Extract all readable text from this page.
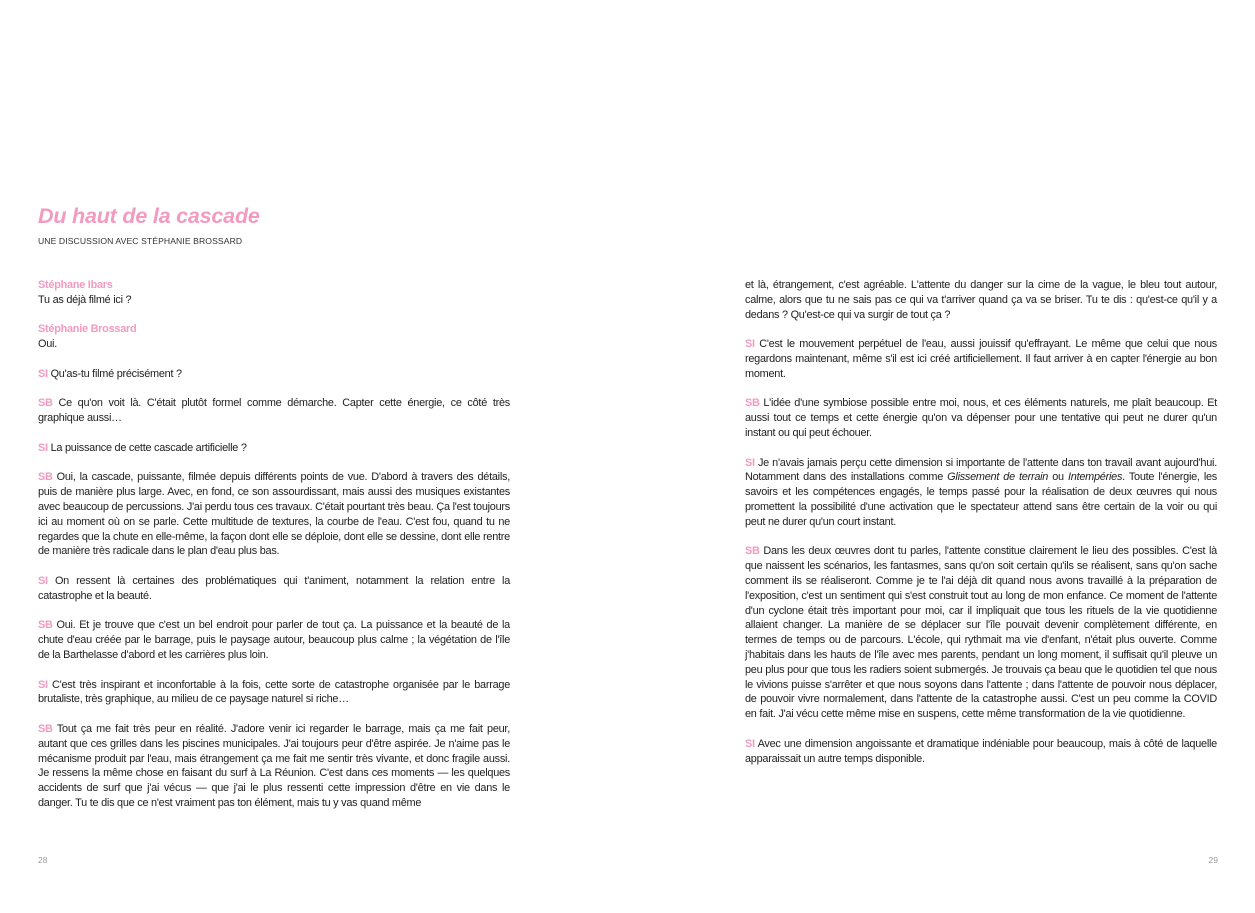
Du haut de la cascade
UNE DISCUSSION AVEC STÉPHANIE BROSSARD

Stéphane Ibars
Tu as déjà filmé ici ?

Stéphanie Brossard
Oui.

SI Qu'as-tu filmé précisément ?

SB Ce qu'on voit là. C'était plutôt formel comme démarche. Capter cette énergie, ce côté très graphique aussi…

SI La puissance de cette cascade artificielle ?

SB Oui, la cascade, puissante, filmée depuis différents points de vue. D'abord à travers des détails, puis de manière plus large. Avec, en fond, ce son assourdissant, mais aussi des musiques existantes avec beaucoup de percussions. J'ai perdu tous ces travaux. C'était pourtant très beau. Ça l'est toujours ici au moment où on se parle. Cette multitude de textures, la courbe de l'eau. C'est fou, quand tu ne regardes que la chute en elle-même, la façon dont elle se déploie, dont elle se dessine, dont elle rentre de manière très radicale dans le plan d'eau plus bas.

SI On ressent là certaines des problématiques qui t'animent, notamment la relation entre la catastrophe et la beauté.

SB Oui. Et je trouve que c'est un bel endroit pour parler de tout ça. La puissance et la beauté de la chute d'eau créée par le barrage, puis le paysage autour, beaucoup plus calme ; la végétation de l'île de la Barthelasse d'abord et les carrières plus loin.

SI C'est très inspirant et inconfortable à la fois, cette sorte de catastrophe organisée par le barrage brutaliste, très graphique, au milieu de ce paysage naturel si riche…

SB Tout ça me fait très peur en réalité. J'adore venir ici regarder le barrage, mais ça me fait peur, autant que ces grilles dans les piscines municipales. J'ai toujours peur d'être aspirée. Je n'aime pas le mécanisme produit par l'eau, mais étrangement ça me fait me sentir très vivante, et donc fragile aussi. Je ressens la même chose en faisant du surf à La Réunion. C'est dans ces moments — les quelques accidents de surf que j'ai vécus — que j'ai le plus ressenti cette impression d'être en vie dans le danger. Tu te dis que ce n'est vraiment pas ton élément, mais tu y vas quand même

28

et là, étrangement, c'est agréable. L'attente du danger sur la cime de la vague, le bleu tout autour, calme, alors que tu ne sais pas ce qui va t'arriver quand ça va se briser. Tu te dis : qu'est-ce qu'il y a dedans ? Qu'est-ce qui va surgir de tout ça ?

SI C'est le mouvement perpétuel de l'eau, aussi jouissif qu'effrayant. Le même que celui que nous regardons maintenant, même s'il est ici créé artificiellement. Il faut arriver à en capter l'énergie au bon moment.

SB L'idée d'une symbiose possible entre moi, nous, et ces éléments naturels, me plaît beaucoup. Et aussi tout ce temps et cette énergie qu'on va dépenser pour une tentative qui peut ne durer qu'un instant ou qui peut échouer.

SI Je n'avais jamais perçu cette dimension si importante de l'attente dans ton travail avant aujourd'hui. Notamment dans des installations comme Glissement de terrain ou Intempéries. Toute l'énergie, les savoirs et les compétences engagés, le temps passé pour la réalisation de deux œuvres qui nous promettent la possibilité d'une activation que le spectateur attend sans être certain de la voir ou qui peut ne durer qu'un court instant.

SB Dans les deux œuvres dont tu parles, l'attente constitue clairement le lieu des possibles. C'est là que naissent les scénarios, les fantasmes, sans qu'on soit certain qu'ils se réalisent, sans qu'on sache comment ils se réaliseront. Comme je te l'ai déjà dit quand nous avons travaillé à la préparation de l'exposition, c'est un sentiment qui s'est construit tout au long de mon enfance. Ce moment de l'attente d'un cyclone était très important pour moi, car il impliquait que tous les rituels de la vie quotidienne allaient changer. La manière de se déplacer sur l'île pouvait devenir complètement différente, en termes de temps ou de parcours. L'école, qui rythmait ma vie d'enfant, n'était plus ouverte. Comme j'habitais dans les hauts de l'île avec mes parents, pendant un long moment, il suffisait qu'il pleuve un peu plus pour que tous les radiers soient submergés. Je trouvais ça beau que le quotidien tel que nous le vivions puisse s'arrêter et que nous soyons dans l'attente ; dans l'attente de pouvoir nous déplacer, de pouvoir vivre normalement, dans l'attente de la catastrophe aussi. C'est un peu comme la COVID en fait. J'ai vécu cette même mise en suspens, cette même transformation de la vie quotidienne.

SI Avec une dimension angoissante et dramatique indéniable pour beaucoup, mais à côté de laquelle apparaissait un autre temps disponible.

29
